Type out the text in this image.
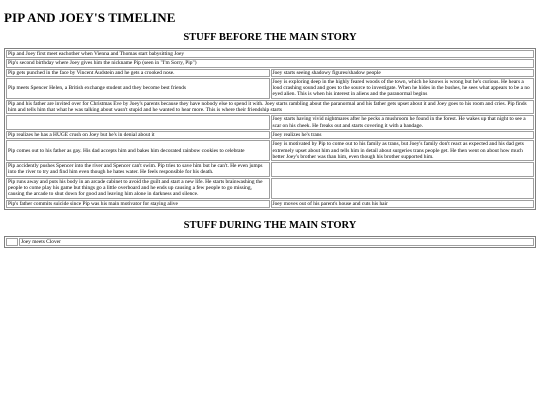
PIP AND JOEY'S TIMELINE
STUFF BEFORE THE MAIN STORY
Pip and Joey first meet eachother when Vienna and Thomas start babysitting Joey	
Pip's second birthday where Joey gives him the nickname Pip (seen in "I'm Sorry, Pip")	
Pip gets punched in the face by Vincent Audstein and he gets a crooked nose.	Joey starts seeing shadowy figures/shadow people
Pip meets Spencer Helen, a British exchange student and they become best friends	Joey is exploring deep in the highly feared woods of the town, which he knows is wrong but he's curious. He hears a loud crashing sound and goes to the source to investigate. When he hides in the bushes, he sees what appears to be a no eyed alien. This is when his interest in aliens and the paranormal begins
Pip and his father are invited over for Christmas Eve by Joey's parents because they have nobody else to spend it with. Joey starts rambling about the paranormal and his father gets upset about it and Joey goes to his room and cries. Pip finds him and tells him that what he was talking about wasn't stupid and he wanted to hear more. This is where their friendship starts	
	Joey starts having vivid nightmares after he pecks a mushroom he found in the forest. He wakes up that night to see a scar on his cheek. He freaks out and starts covering it with a bandage.
Pip realizes he has a HUGE crush on Joey but he's in denial about it	Joey realizes he's trans
Pip comes out to his father as gay. His dad accepts him and bakes him decorated rainbow cookies to celebrate	Joey is motivated by Pip to come out to his family as trans, but Joey's family don't react as expected and his dad gets extremely upset about him and tells him in detail about surgeries trans people get. He then went on about how much better Joey's brother was than him, even though his brother supported him.
Pip accidently pushes Spencer into the river and Spencer can't swim. Pip tries to save him but he can't. He even jumps into the river to try and find him even though he hates water. He feels responsible for his death.	
Pip runs away and puts his body in an arcade cabinet to avoid the guilt and start a new life. He starts brainwashing the people to come play his game but things go a little overboard and he ends up causing a few people to go missing, causing the arcade to shut down for good and leaving him alone in darkness and silence.	
Pip's father commits suicide since Pip was his main motivator for staying alive	Joey moves out of his parent's house and cuts his hair
STUFF DURING THE MAIN STORY
	Joey meets Clover
